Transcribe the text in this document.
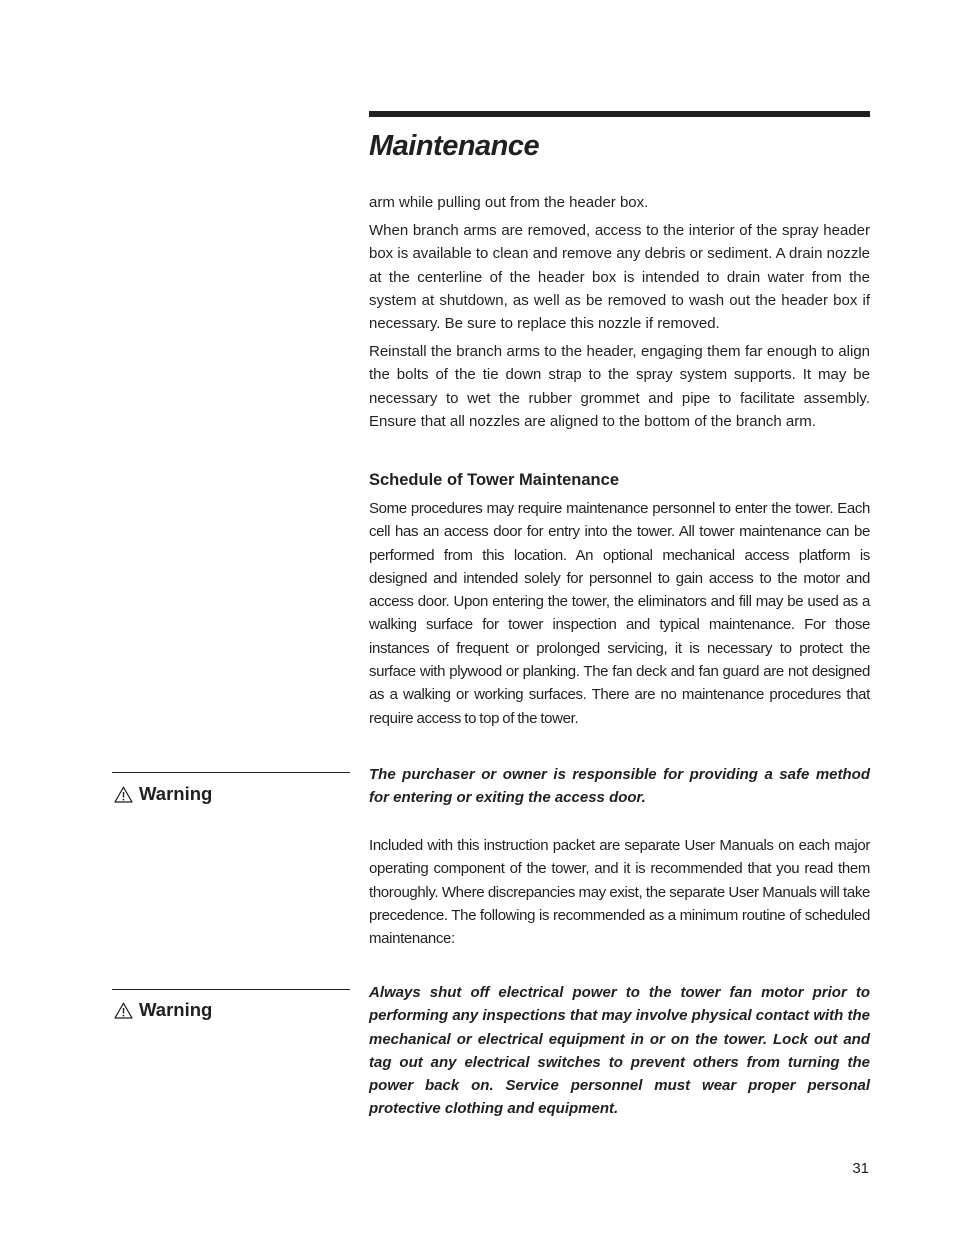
Maintenance

arm while pulling out from the header box.

When branch arms are removed, access to the interior of the spray header box is available to clean and remove any debris or sediment. A drain nozzle at the centerline of the header box is intended to drain water from the system at shutdown, as well as be removed to wash out the header box if necessary. Be sure to replace this nozzle if removed.

Reinstall the branch arms to the header, engaging them far enough to align the bolts of the tie down strap to the spray system supports. It may be necessary to wet the rubber grommet and pipe to facilitate assembly. Ensure that all nozzles are aligned to the bottom of the branch arm.

Schedule of Tower Maintenance

Some procedures may require maintenance personnel to enter the tower. Each cell has an access door for entry into the tower. All tower maintenance can be performed from this location. An optional mechanical access platform is designed and intended solely for personnel to gain access to the motor and access door. Upon entering the tower, the eliminators and fill may be used as a walking surface for tower inspection and typical maintenance. For those instances of frequent or prolonged servicing, it is necessary to protect the surface with plywood or planking. The fan deck and fan guard are not designed as a walking or working surfaces. There are no maintenance procedures that require access to top of the tower.

Warning

The purchaser or owner is responsible for providing a safe method for entering or exiting the access door.

Included with this instruction packet are separate User Manuals on each major operating component of the tower, and it is recommended that you read them thoroughly. Where discrepancies may exist, the separate User Manuals will take precedence. The following is recommended as a minimum routine of scheduled maintenance:

Warning

Always shut off electrical power to the tower fan motor prior to performing any inspections that may involve physical contact with the mechanical or electrical equipment in or on the tower. Lock out and tag out any electrical switches to prevent others from turning the power back on. Service personnel must wear proper personal protective clothing and equipment.

31
